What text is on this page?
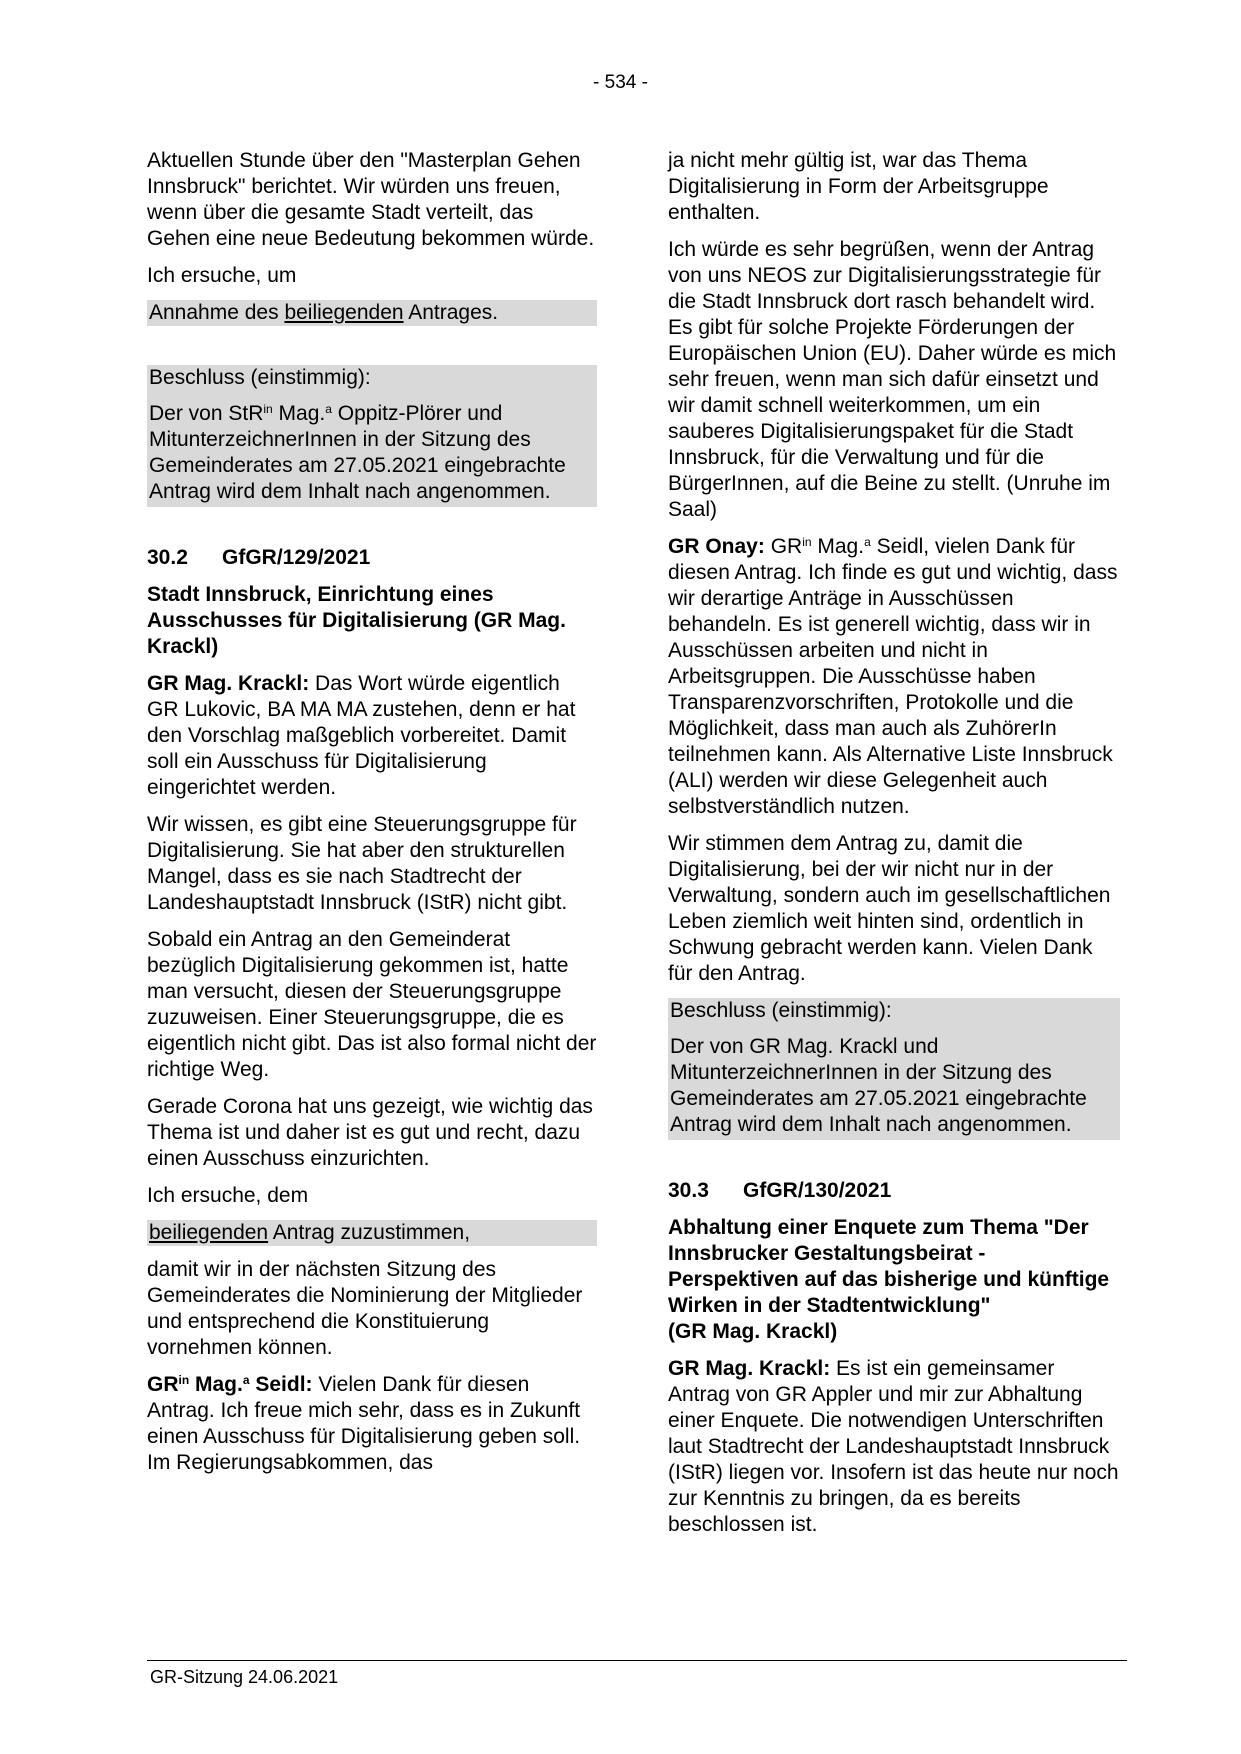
- 534 -

Aktuellen Stunde über den "Masterplan Gehen Innsbruck" berichtet. Wir würden uns freuen, wenn über die gesamte Stadt verteilt, das Gehen eine neue Bedeutung bekommen würde.

Ich ersuche, um

Annahme des beiliegenden Antrages.

Beschluss (einstimmig):

Der von StR$^{in}$ Mag.$^a$ Oppitz-Plörer und MitunterzeichnerInnen in der Sitzung des Gemeinderates am 27.05.2021 eingebrachte Antrag wird dem Inhalt nach angenommen.

30.2	GfGR/129/2021

Stadt Innsbruck, Einrichtung eines Ausschusses für Digitalisierung (GR Mag. Krackl)

GR Mag. Krackl: Das Wort würde eigentlich GR Lukovic, BA MA MA zustehen, denn er hat den Vorschlag maßgeblich vorbereitet. Damit soll ein Ausschuss für Digitalisierung eingerichtet werden.

Wir wissen, es gibt eine Steuerungsgruppe für Digitalisierung. Sie hat aber den strukturellen Mangel, dass es sie nach Stadtrecht der Landeshauptstadt Innsbruck (IStR) nicht gibt.

Sobald ein Antrag an den Gemeinderat bezüglich Digitalisierung gekommen ist, hatte man versucht, diesen der Steuerungsgruppe zuzuweisen. Einer Steuerungsgruppe, die es eigentlich nicht gibt. Das ist also formal nicht der richtige Weg.

Gerade Corona hat uns gezeigt, wie wichtig das Thema ist und daher ist es gut und recht, dazu einen Ausschuss einzurichten.

Ich ersuche, dem

beiliegenden Antrag zuzustimmen,

damit wir in der nächsten Sitzung des Gemeinderates die Nominierung der Mitglieder und entsprechend die Konstituierung vornehmen können.

$GR^{in}$ Mag.$^a$ Seidl: Vielen Dank für diesen Antrag. Ich freue mich sehr, dass es in Zukunft einen Ausschuss für Digitalisierung geben soll. Im Regierungsabkommen, das

ja nicht mehr gültig ist, war das Thema Digitalisierung in Form der Arbeitsgruppe enthalten.

Ich würde es sehr begrüßen, wenn der Antrag von uns NEOS zur Digitalisierungsstrategie für die Stadt Innsbruck dort rasch behandelt wird. Es gibt für solche Projekte Förderungen der Europäischen Union (EU). Daher würde es mich sehr freuen, wenn man sich dafür einsetzt und wir damit schnell weiterkommen, um ein sauberes Digitalisierungspaket für die Stadt Innsbruck, für die Verwaltung und für die BürgerInnen, auf die Beine zu stellt. (Unruhe im Saal)

GR Onay: $GR^{in}$ Mag.$^a$ Seidl, vielen Dank für diesen Antrag. Ich finde es gut und wichtig, dass wir derartige Anträge in Ausschüssen behandeln. Es ist generell wichtig, dass wir in Ausschüssen arbeiten und nicht in Arbeitsgruppen. Die Ausschüsse haben Transparenzvorschriften, Protokolle und die Möglichkeit, dass man auch als ZuhörerIn teilnehmen kann. Als Alternative Liste Innsbruck (ALI) werden wir diese Gelegenheit auch selbstverständlich nutzen.

Wir stimmen dem Antrag zu, damit die Digitalisierung, bei der wir nicht nur in der Verwaltung, sondern auch im gesellschaftlichen Leben ziemlich weit hinten sind, ordentlich in Schwung gebracht werden kann. Vielen Dank für den Antrag.

Beschluss (einstimmig):

Der von GR Mag. Krackl und MitunterzeichnerInnen in der Sitzung des Gemeinderates am 27.05.2021 eingebrachte Antrag wird dem Inhalt nach angenommen.

30.3	GfGR/130/2021

Abhaltung einer Enquete zum Thema "Der Innsbrucker Gestaltungsbeirat - Perspektiven auf das bisherige und künftige Wirken in der Stadtentwicklung"

(GR Mag. Krackl)

GR Mag. Krackl: Es ist ein gemeinsamer Antrag von GR Appler und mir zur Abhaltung einer Enquete. Die notwendigen Unterschriften laut Stadtrecht der Landeshauptstadt Innsbruck (IStR) liegen vor. Insofern ist das heute nur noch zur Kenntnis zu bringen, da es bereits beschlossen ist.

GR-Sitzung 24.06.2021
